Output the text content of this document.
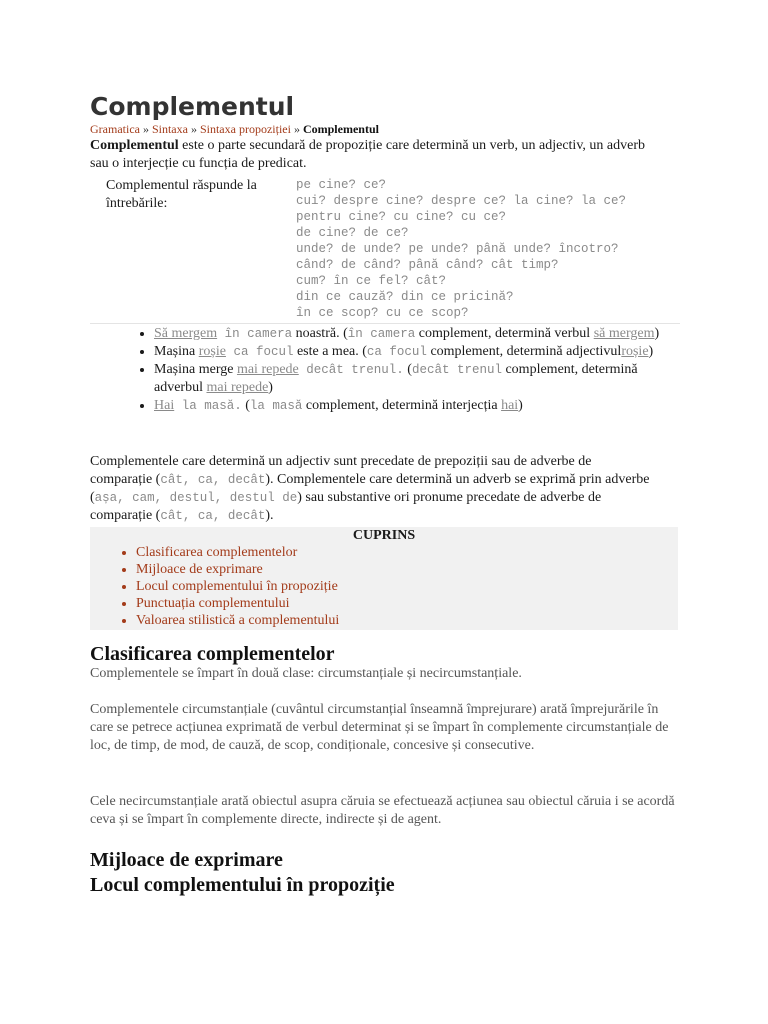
Complementul
Gramatica » Sintaxa » Sintaxa propoziției » Complementul
Complementul este o parte secundară de propoziție care determină un verb, un adjectiv, un adverb sau o interjecție cu funcția de predicat.
Complementul răspunde la întrebările:
pe cine? ce?
cui? despre cine? despre ce? la cine? la ce?
pentru cine? cu cine? cu ce?
de cine? de ce?
unde? de unde? pe unde? până unde? încotro?
când? de când? până când? cât timp?
cum? în ce fel? cât?
din ce cauză? din ce pricină?
în ce scop? cu ce scop?
• Să mergem în camera noastră. (în camera complement, determină verbul să mergem)
• Mașina roșie ca focul este a mea. (ca focul complement, determină adjectivulroșie)
• Mașina merge mai repede decât trenul. (decât trenul complement, determină adverbul mai repede)
• Hai la masă. (la masă complement, determină interjecția hai)
Complementele care determină un adjectiv sunt precedate de prepoziții sau de adverbe de comparație (cât, ca, decât). Complementele care determină un adverb se exprimă prin adverbe (așa, cam, destul, destul de) sau substantive ori pronume precedate de adverbe de comparație (cât, ca, decât).
CUPRINS
• Clasificarea complementelor
• Mijloace de exprimare
• Locul complementului în propoziție
• Punctuația complementului
• Valoarea stilistică a complementului
Clasificarea complementelor
Complementele se împart în două clase: circumstanțiale și necircumstanțiale.
Complementele circumstanțiale (cuvântul circumstanțial înseamnă împrejurare) arată împrejurările în care se petrece acțiunea exprimată de verbul determinat și se împart în complemente circumstanțiale de loc, de timp, de mod, de cauză, de scop, condiționale, concesive și consecutive.
Cele necircumstanțiale arată obiectul asupra căruia se efectuează acțiunea sau obiectul căruia i se acordă ceva și se împart în complemente directe, indirecte și de agent.
Mijloace de exprimare
Locul complementului în propoziție
